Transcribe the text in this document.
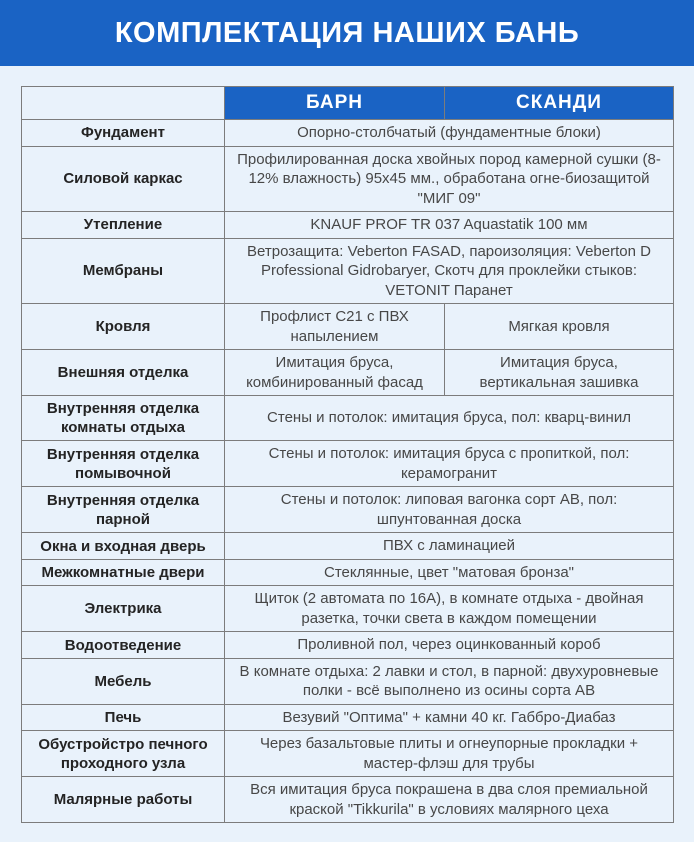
КОМПЛЕКТАЦИЯ НАШИХ БАНЬ
	БАРН	СКАНДИ
Фундамент	Опорно-столбчатый (фундаментные блоки)	
Силовой каркас	Профилированная доска хвойных пород камерной сушки (8-12% влажность) 95х45 мм., обработана огне-биозащитой "МИГ 09"	
Утепление	KNAUF PROF TR 037 Aquastatik 100 мм	
Мембраны	Ветрозащита: Veberton FASAD, пароизоляция: Veberton D Professional Gidrobaryer, Скотч для проклейки стыков: VETONIT Паранет	
Кровля	Профлист С21 с ПВХ напылением	Мягкая кровля
Внешняя отделка	Имитация бруса, комбинированный фасад	Имитация бруса, вертикальная зашивка
Внутренняя отделка комнаты отдыха	Стены и потолок: имитация бруса, пол: кварц-винил	
Внутренняя отделка помывочной	Стены и потолок: имитация бруса с пропиткой, пол: керамогранит	
Внутренняя отделка парной	Стены и потолок: липовая вагонка сорт АВ, пол: шпунтованная доска	
Окна и входная дверь	ПВХ с ламинацией	
Межкомнатные двери	Стеклянные, цвет "матовая бронза"	
Электрика	Щиток (2 автомата по 16А), в комнате отдыха - двойная разетка, точки света в каждом помещении	
Водоотведение	Проливной пол, через оцинкованный короб	
Мебель	В комнате отдыха: 2 лавки и стол, в парной: двухуровневые полки - всё выполнено из осины сорта АВ	
Печь	Везувий "Оптима" + камни 40 кг. Габбро-Диабаз	
Обустройстро печного проходного узла	Через базальтовые плиты и огнеупорные прокладки + мастер-флэш для трубы	
Малярные работы	Вся имитация бруса покрашена в два слоя премиальной краской "Tikkurila" в условиях малярного цеха	
